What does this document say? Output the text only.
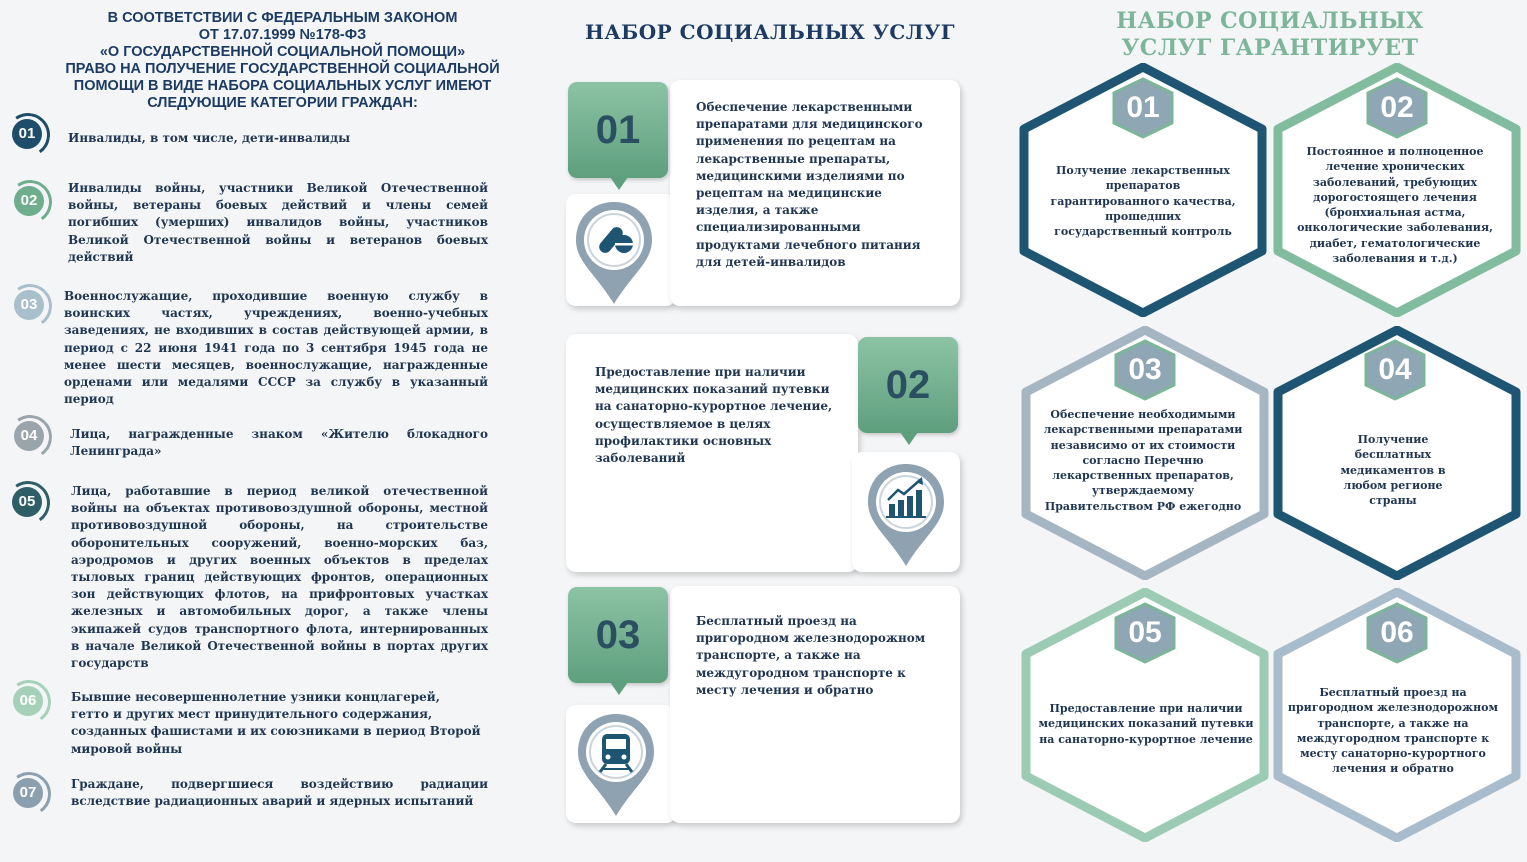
В СООТВЕТСТВИИ С ФЕДЕРАЛЬНЫМ ЗАКОНОМ
ОТ 17.07.1999 №178-ФЗ
«О ГОСУДАРСТВЕННОЙ СОЦИАЛЬНОЙ ПОМОЩИ»
ПРАВО НА ПОЛУЧЕНИЕ ГОСУДАРСТВЕННОЙ СОЦИАЛЬНОЙ
ПОМОЩИ В ВИДЕ НАБОРА СОЦИАЛЬНЫХ УСЛУГ ИМЕЮТ
СЛЕДУЮЩИЕ КАТЕГОРИИ ГРАЖДАН:
01	Инвалиды, в том числе, дети-инвалиды
02
Инвалиды войны, участники Великой Отечественной войны, ветераны боевых действий и члены семей погибших (умерших) инвалидов войны, участников Великой Отечественной войны и ветеранов боевых действий
03	Военнослужащие, проходившие военную службу в воинских частях, учреждениях, военно-учебных заведениях, не входивших в состав действующей армии, в период с 22 июня 1941 года по 3 сентября 1945 года не менее шести месяцев, военнослужащие, награжденные орденами или медалями СССР за службу в указанный период
04	Лица, награжденные знаком «Жителю блокадного Ленинграда»
05
Лица, работавшие в период великой отечественной войны на объектах противовоздушной обороны, местной противовоздушной обороны, на строительстве оборонительных сооружений, военно-морских баз, аэродромов и других военных объектов в пределах тыловых границ действующих фронтов, операционных зон действующих флотов, на прифронтовых участках железных и автомобильных дорог, а также члены экипажей судов транспортного флота, интернированных в начале Великой Отечественной войны в портах других государств
06	Бывшие несовершеннолетние узники концлагерей, гетто и других мест принудительного содержания, созданных фашистами и их союзниками в период Второй мировой войны
07	Граждане, подвергшиеся воздействию радиации вследствие радиационных аварий и ядерных испытаний
НАБОР СОЦИАЛЬНЫХ УСЛУГ
01
Обеспечение лекарственными препаратами для медицинского применения по рецептам на лекарственные препараты, медицинскими изделиями по рецептам на медицинские изделия, а также специализированными продуктами лечебного питания для детей-инвалидов
02
Предоставление при наличии медицинских показаний путевки на санаторно-курортное лечение, осуществляемое в целях профилактики основных заболеваний
03	Бесплатный проезд на пригородном железнодорожном транспорте, а также на междугородном транспорте к месту лечения и обратно
НАБОР СОЦИАЛЬНЫХ
УСЛУГ ГАРАНТИРУЕТ
01
Получение лекарственных препаратов гарантированного качества, прошедших государственный контроль
02
Постоянное и полноценное лечение хронических заболеваний, требующих дорогостоящего лечения (бронхиальная астма, онкологические заболевания, диабет, гематологические заболевания и т.д.)
03
Обеспечение необходимыми лекарственными препаратами независимо от их стоимости согласно Перечню лекарственных препаратов, утверждаемому Правительством РФ ежегодно
04
Получение бесплатных медикаментов в любом регионе страны
05
Предоставление при наличии медицинских показаний путевки на санаторно-курортное лечение
06
Бесплатный проезд на пригородном железнодорожном транспорте, а также на междугородном транспорте к месту санаторно-курортного лечения и обратно
